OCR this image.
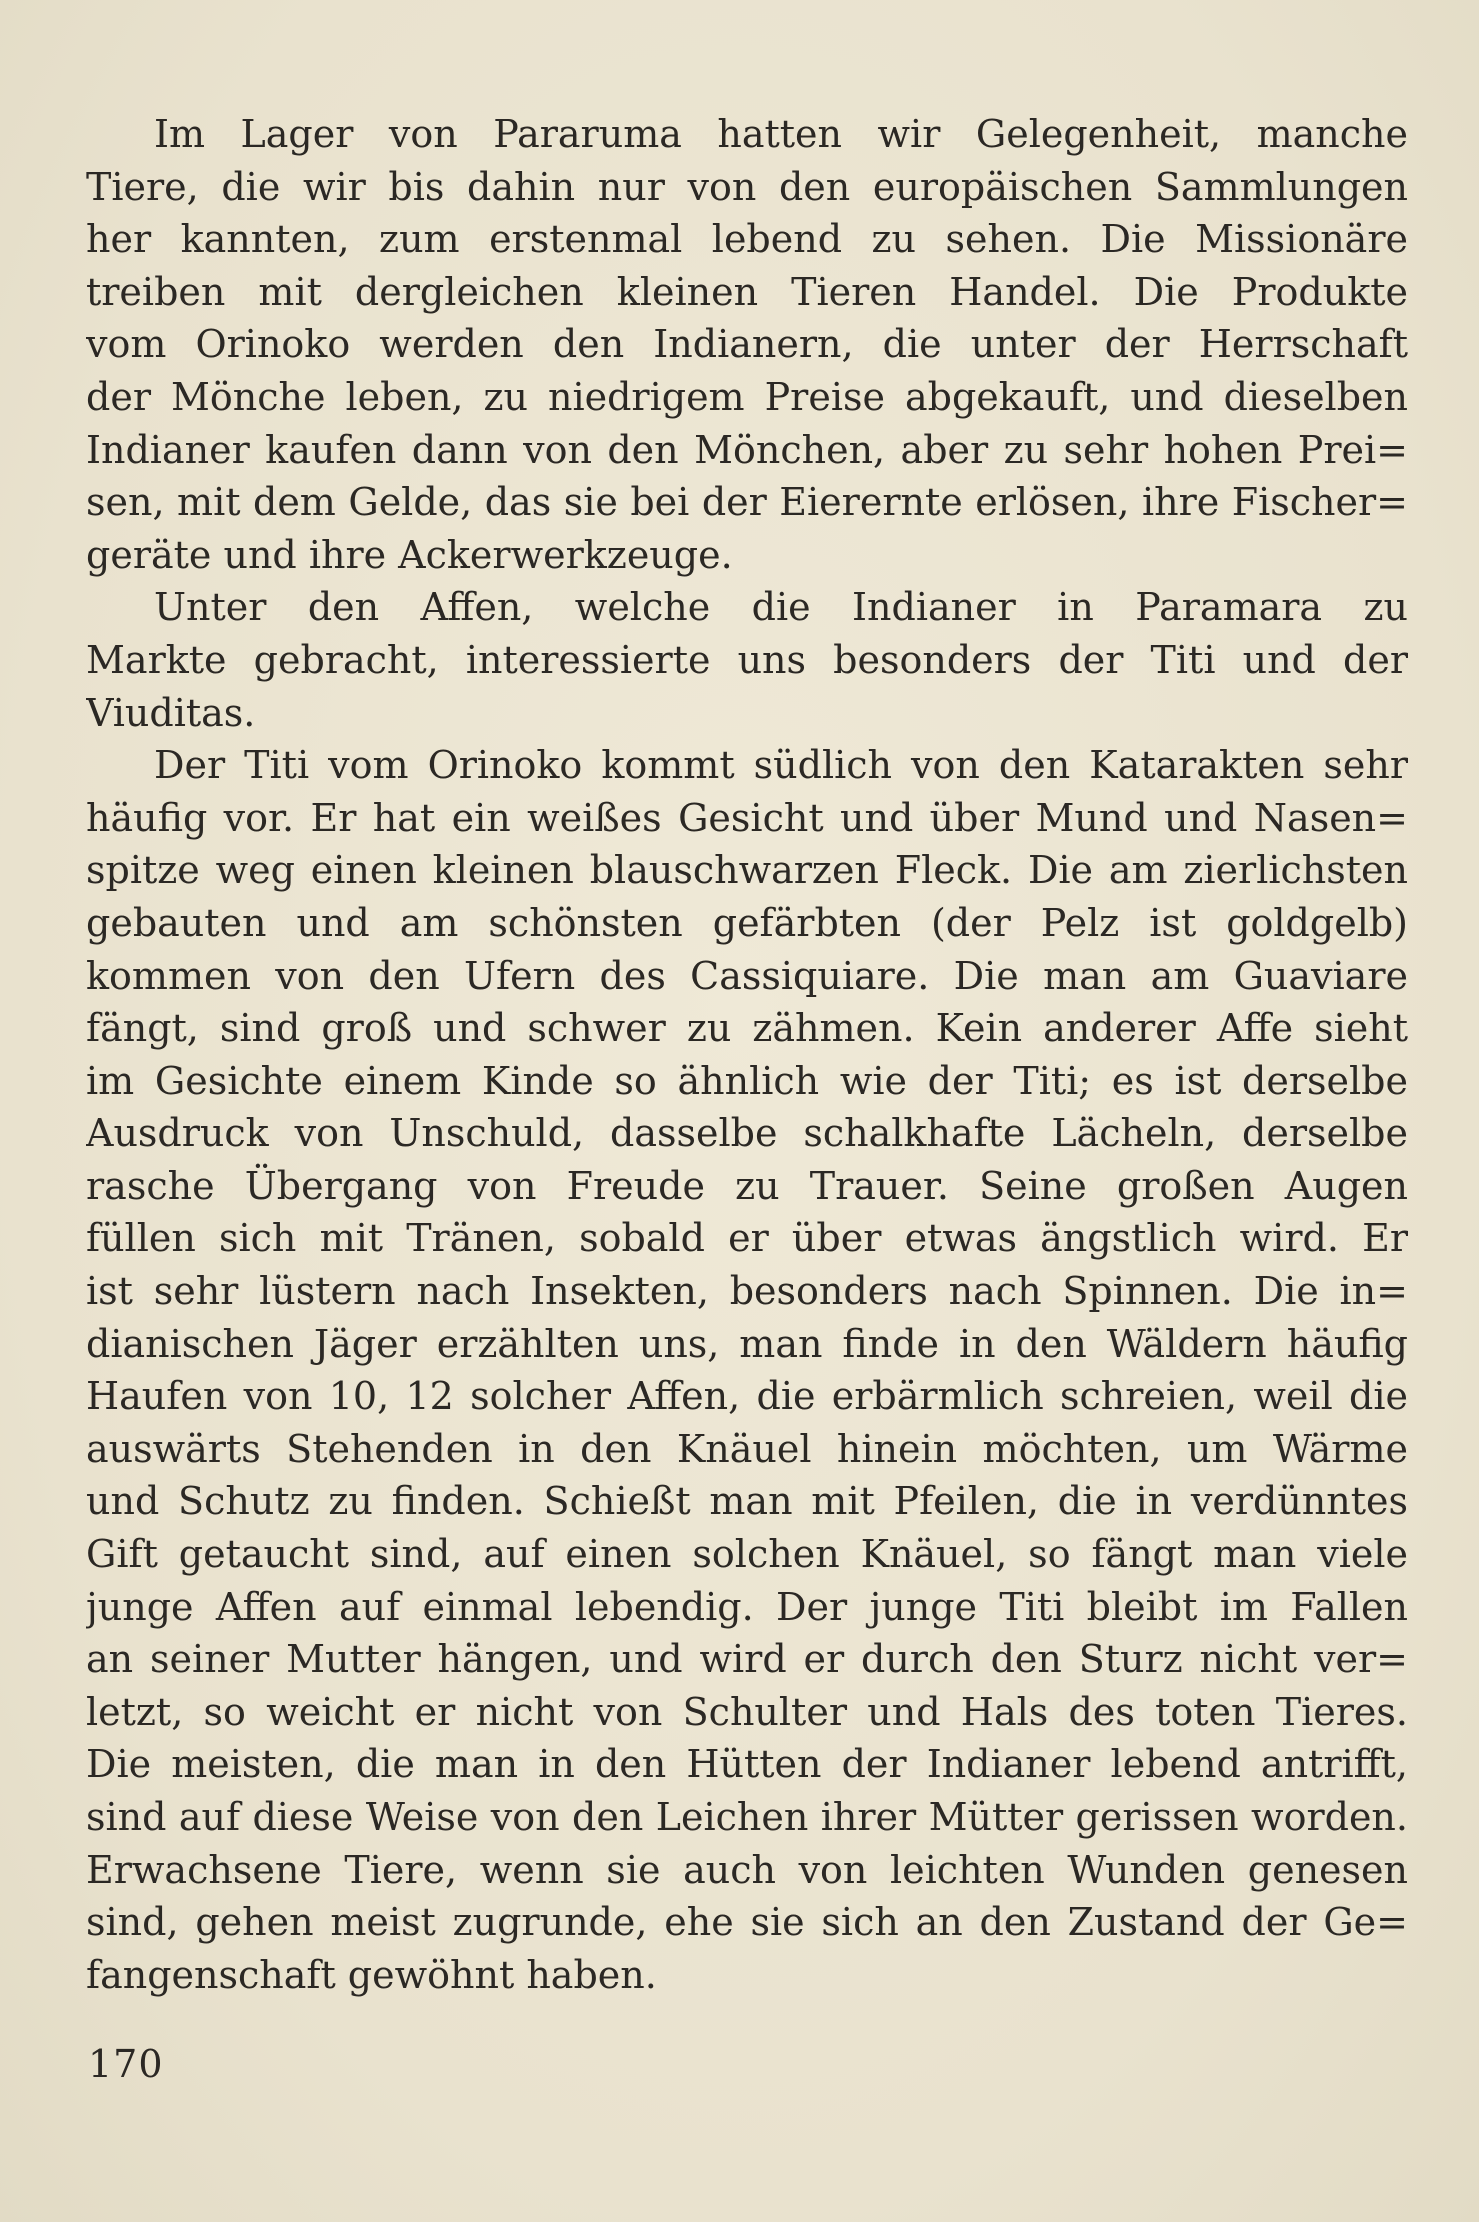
Im Lager von Pararuma hatten wir Gelegenheit, manche
Tiere, die wir bis dahin nur von den europäischen Sammlungen
her kannten, zum erstenmal lebend zu sehen. Die Missionäre
treiben mit dergleichen kleinen Tieren Handel. Die Produkte
vom Orinoko werden den Indianern, die unter der Herrschaft
der Mönche leben, zu niedrigem Preise abgekauft, und dieselben
Indianer kaufen dann von den Mönchen, aber zu sehr hohen Prei=
sen, mit dem Gelde, das sie bei der Eierernte erlösen, ihre Fischer=
geräte und ihre Ackerwerkzeuge.
Unter den Affen, welche die Indianer in Paramara zu
Markte gebracht, interessierte uns besonders der Titi und der
Viuditas.
Der Titi vom Orinoko kommt südlich von den Katarakten sehr
häufig vor. Er hat ein weißes Gesicht und über Mund und Nasen=
spitze weg einen kleinen blauschwarzen Fleck. Die am zierlichsten
gebauten und am schönsten gefärbten (der Pelz ist goldgelb)
kommen von den Ufern des Cassiquiare. Die man am Guaviare
fängt, sind groß und schwer zu zähmen. Kein anderer Affe sieht
im Gesichte einem Kinde so ähnlich wie der Titi; es ist derselbe
Ausdruck von Unschuld, dasselbe schalkhafte Lächeln, derselbe
rasche Übergang von Freude zu Trauer. Seine großen Augen
füllen sich mit Tränen, sobald er über etwas ängstlich wird. Er
ist sehr lüstern nach Insekten, besonders nach Spinnen. Die in=
dianischen Jäger erzählten uns, man finde in den Wäldern häufig
Haufen von 10, 12 solcher Affen, die erbärmlich schreien, weil die
auswärts Stehenden in den Knäuel hinein möchten, um Wärme
und Schutz zu finden. Schießt man mit Pfeilen, die in verdünntes
Gift getaucht sind, auf einen solchen Knäuel, so fängt man viele
junge Affen auf einmal lebendig. Der junge Titi bleibt im Fallen
an seiner Mutter hängen, und wird er durch den Sturz nicht ver=
letzt, so weicht er nicht von Schulter und Hals des toten Tieres.
Die meisten, die man in den Hütten der Indianer lebend antrifft,
sind auf diese Weise von den Leichen ihrer Mütter gerissen worden.
Erwachsene Tiere, wenn sie auch von leichten Wunden genesen
sind, gehen meist zugrunde, ehe sie sich an den Zustand der Ge=
fangenschaft gewöhnt haben.
170
